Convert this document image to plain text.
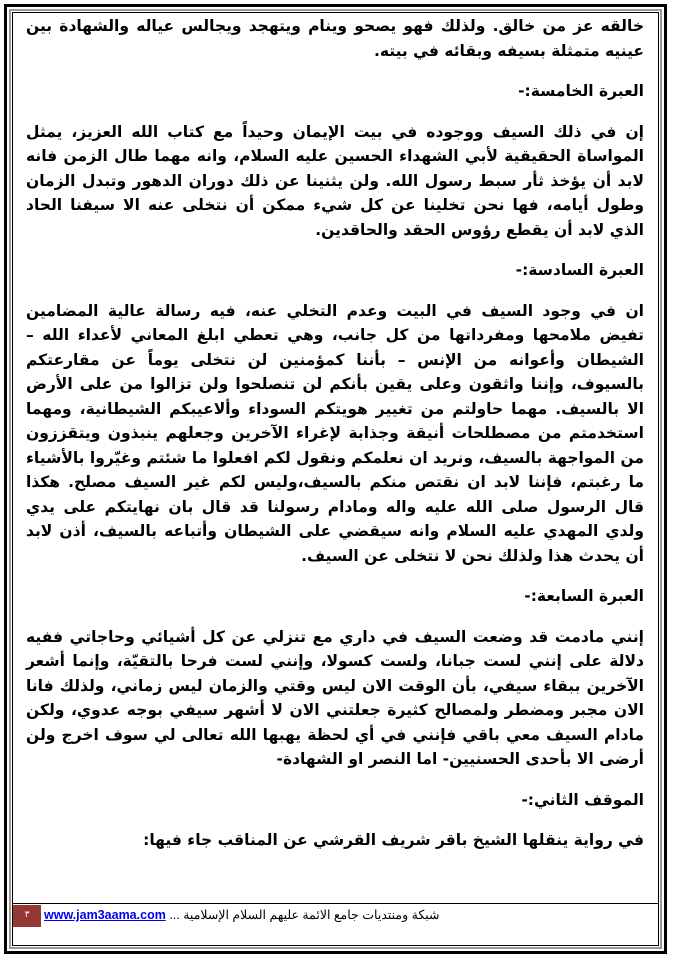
خالقه عز من خالق. ولذلك فهو يصحو وينام ويتهجد ويجالس عياله والشهادة بين عينيه متمثلة بسيفه وبقائه في بيته.

العبرة الخامسة:-

إن في ذلك السيف ووجوده في بيت الإيمان وحيداً مع كتاب الله العزيز، يمثل المواساة الحقيقية لأبي الشهداء الحسين عليه السلام، وانه مهما طال الزمن فانه لابد أن يؤخذ ثأر سبط رسول الله. ولن يثنينا عن ذلك دوران الدهور وتبدل الزمان وطول أيامه، فها نحن تخلينا عن كل شيء ممكن أن نتخلى عنه الا سيفنا الحاد الذي لابد أن يقطع رؤوس الحقد والحاقدين.

العبرة السادسة:-

ان في وجود السيف في البيت وعدم التخلي عنه، فيه رسالة عالية المضامين تفيض ملامحها ومفرداتها من كل جانب، وهي تعطي ابلغ المعاني لأعداء الله – الشيطان وأعوانه من الإنس – بأننا كمؤمنين لن نتخلى يوماً عن مقارعتكم بالسيوف، وإننا واثقون وعلى يقين بأنكم لن تنصلحوا ولن تزالوا من على الأرض الا بالسيف. مهما حاولتم من تغيير هويتكم السوداء وألاعيبكم الشيطانية، ومهما استخدمتم من مصطلحات أنيقة وجذابة لإغراء الآخرين وجعلهم ينبذون ويتقززون من المواجهة بالسيف، ونريد ان نعلمكم ونقول لكم افعلوا ما شئتم وغيّروا بالأشياء ما رغبتم، فإننا لابد ان نقتص منكم بالسيف،وليس لكم غير السيف مصلح. هكذا قال الرسول صلى الله عليه واله ومادام رسولنا قد قال بان نهايتكم على يدي ولدي المهدي عليه السلام وانه سيقضي على الشيطان وأتباعه بالسيف، أذن لابد أن يحدث هذا ولذلك نحن لا نتخلى عن السيف.

العبرة السابعة:-

إنني مادمت قد وضعت السيف في داري مع تنزلي عن كل أشيائي وحاجاتي ففيه دلالة على إنني لست جبانا، ولست كسولا، وإنني لست فرحا بالتقيّة، وإنما أشعر الآخرين ببقاء سيفي، بأن الوقت الان ليس وقتي والزمان ليس زماني، ولذلك فانا الان مجبر ومضطر ولمصالح كثيرة جعلتني الان لا أشهر سيفي بوجه عدوي، ولكن مادام السيف معي باقي فإنني في أي لحظة يهبها الله تعالى لي سوف اخرج ولن أرضى الا بأحدى الحسنيين- اما النصر او الشهادة-

الموقف الثاني:-

في رواية ينقلها الشيخ باقر شريف القرشي عن المناقب جاء فيها:

٣	www.jam3aama.com ... شبكة ومنتديات جامع الائمة عليهم السلام الإسلامية
